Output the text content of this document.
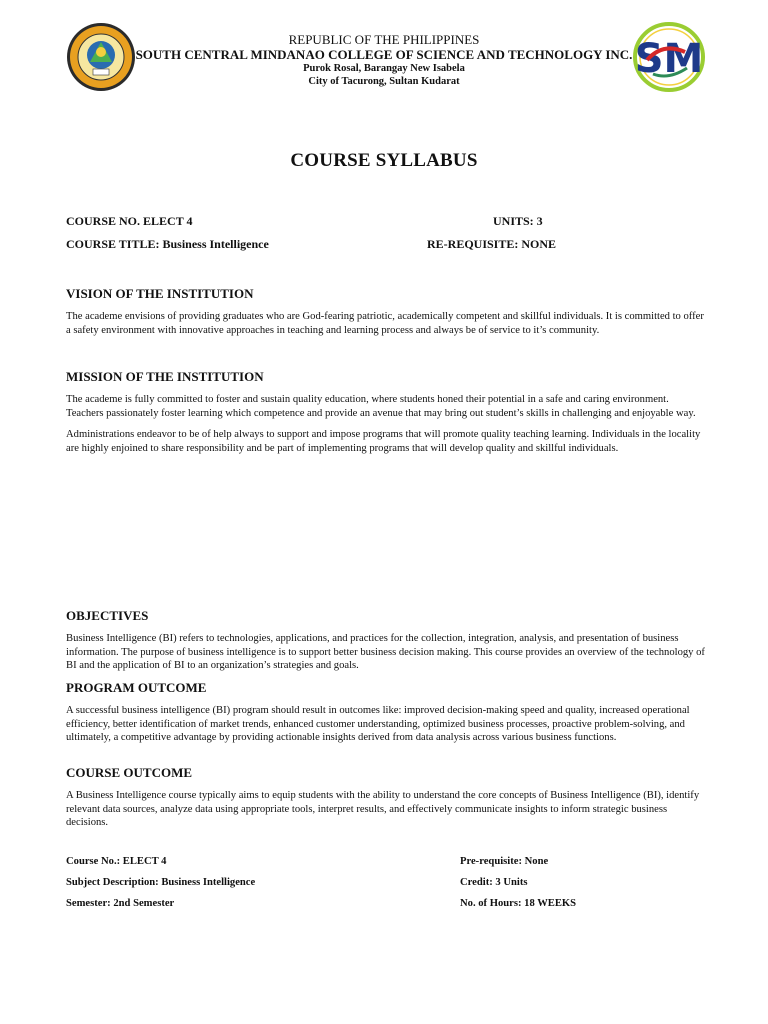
SM
REPUBLIC OF THE PHILIPPINES
SOUTH CENTRAL MINDANAO COLLEGE OF SCIENCE AND TECHNOLOGY INC.
Purok Rosal, Barangay New Isabela
City of Tacurong, Sultan Kudarat
COURSE SYLLABUS
COURSE NO. ELECT 4	UNITS: 3
COURSE TITLE: Business Intelligence	RE-REQUISITE: NONE
VISION OF THE INSTITUTION

The academe envisions of providing graduates who are God-fearing patriotic, academically competent and skillful individuals. It is committed to offer a safety environment with innovative approaches in teaching and learning process and always be of service to it’s community.

MISSION OF THE INSTITUTION

The academe is fully committed to foster and sustain quality education, where students honed their potential in a safe and caring environment. Teachers passionately foster learning which competence and provide an avenue that may bring out student’s skills in challenging and enjoyable way.

Administrations endeavor to be of help always to support and impose programs that will promote quality teaching learning. Individuals in the locality are highly enjoined to share responsibility and be part of implementing programs that will develop quality and skillful individuals.

OBJECTIVES

Business Intelligence (BI) refers to technologies, applications, and practices for the collection, integration, analysis, and presentation of business information. The purpose of business intelligence is to support better business decision making. This course provides an overview of the technology of BI and the application of BI to an organization’s strategies and goals.

PROGRAM OUTCOME

A successful business intelligence (BI) program should result in outcomes like: improved decision-making speed and quality, increased operational efficiency, better identification of market trends, enhanced customer understanding, optimized business processes, proactive problem-solving, and ultimately, a competitive advantage by providing actionable insights derived from data analysis across various business functions.

COURSE OUTCOME

A Business Intelligence course typically aims to equip students with the ability to understand the core concepts of Business Intelligence (BI), identify relevant data sources, analyze data using appropriate tools, interpret results, and effectively communicate insights to inform strategic business decisions.

Course No.: ELECT 4
Subject Description: Business Intelligence
Semester: 2nd Semester
Pre-requisite: None
Credit: 3 Units
No. of Hours: 18 WEEKS
